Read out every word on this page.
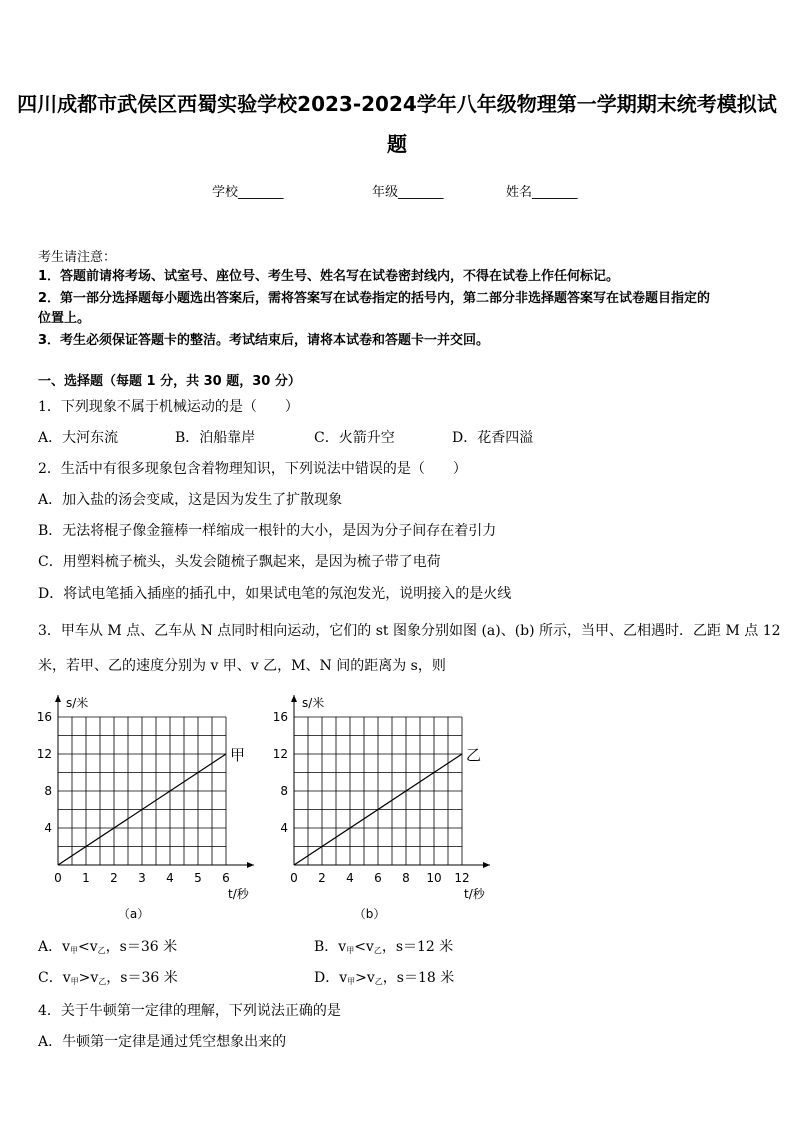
四川成都市武侯区西蜀实验学校2023-2024学年八年级物理第一学期期末统考模拟试
题
学校_______	年级_______	姓名_______
考生请注意：
1．答题前请将考场、试室号、座位号、考生号、姓名写在试卷密封线内，不得在试卷上作任何标记。
2．第一部分选择题每小题选出答案后，需将答案写在试卷指定的括号内，第二部分非选择题答案写在试卷题目指定的
位置上。
3．考生必须保证答题卡的整洁。考试结束后，请将本试卷和答题卡一并交回。
一、选择题（每题 1 分，共 30 题，30 分）
1．下列现象不属于机械运动的是（　　）
A．大河东流	B．泊船靠岸	C．火箭升空	D．花香四溢
2．生活中有很多现象包含着物理知识，下列说法中错误的是（　　）
A．加入盐的汤会变咸，这是因为发生了扩散现象
B．无法将棍子像金箍棒一样缩成一根针的大小，是因为分子间存在着引力
C．用塑料梳子梳头，头发会随梳子飘起来，是因为梳子带了电荷
D．将试电笔插入插座的插孔中，如果试电笔的氖泡发光，说明接入的是火线
3．甲车从 M 点、乙车从 N 点同时相向运动，它们的 st 图象分别如图 (a)、(b) 所示，当甲、乙相遇时．乙距 M 点 12
米，若甲、乙的速度分别为 v 甲、v 乙，M、N 间的距离为 s，则
0 1 2 3 4 5 6
4
8
12
16
s/米
t/秒
甲
（a）
0 2 4 6 8 10 12
4
8
12
16
s/米
t/秒
乙
（b）
A．$v_甲<v_乙$，s＝36 米	B．$v_甲<v_乙$，s＝12 米
C．$v_甲>v_乙$，s＝36 米	D．$v_甲>v_乙$，s＝18 米
4．关于牛顿第一定律的理解，下列说法正确的是
A．牛顿第一定律是通过凭空想象出来的
